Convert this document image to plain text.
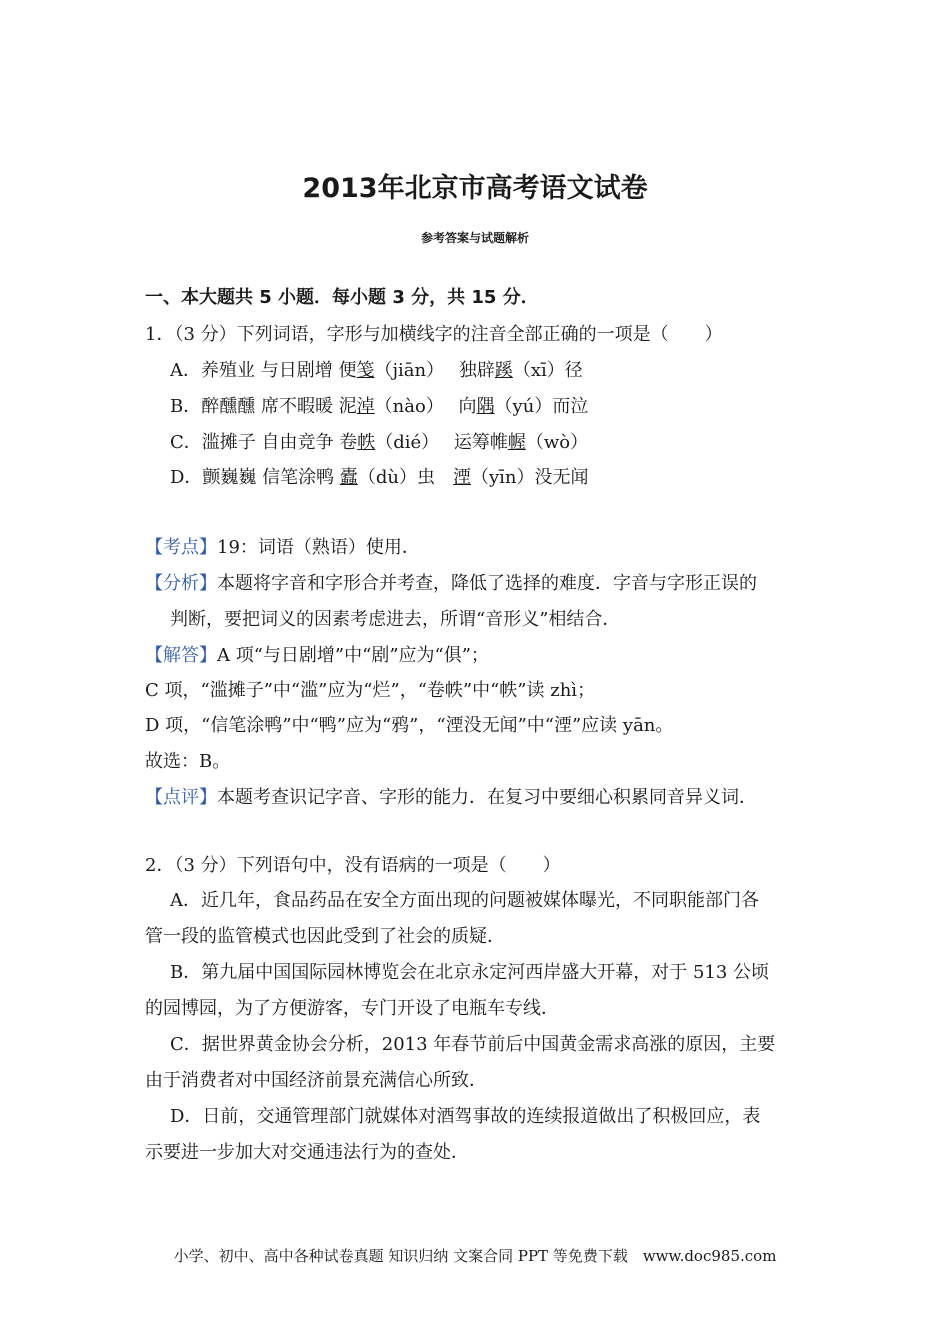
2013年北京市高考语文试卷
参考答案与试题解析
一、本大题共 5 小题．每小题 3 分，共 15 分．
1．（3 分）下列词语，字形与加横线字的注音全部正确的一项是（　　）
A．养殖业 与日剧增 便笺（jiān）　 独辟蹊（xī）径
B．醉醺醺 席不暇暖 泥淖（nào）　 向隅（yú）而泣
C．滥摊子 自由竞争 卷帙（dié）　 运筹帷幄（wò）
D．颤巍巍 信笔涂鸭 蠹（dù）虫　湮（yīn）没无闻
【考点】19：词语（熟语）使用．
【分析】本题将字音和字形合并考查，降低了选择的难度．字音与字形正误的
判断，要把词义的因素考虑进去，所谓“音形义”相结合．
【解答】A 项“与日剧增”中“剧”应为“俱”；
C 项，“滥摊子”中“滥”应为“烂”，“卷帙”中“帙”读 zhì；
D 项，“信笔涂鸭”中“鸭”应为“鸦”，“湮没无闻”中“湮”应读 yān。
故选：B。
【点评】本题考查识记字音、字形的能力．在复习中要细心积累同音异义词．
2．（3 分）下列语句中，没有语病的一项是（　　）
A．近几年，食品药品在安全方面出现的问题被媒体曝光，不同职能部门各
管一段的监管模式也因此受到了社会的质疑．
B．第九届中国国际园林博览会在北京永定河西岸盛大开幕，对于 513 公顷
的园博园，为了方便游客，专门开设了电瓶车专线．
C．据世界黄金协会分析，2013 年春节前后中国黄金需求高涨的原因，主要
由于消费者对中国经济前景充满信心所致．
D．日前，交通管理部门就媒体对酒驾事故的连续报道做出了积极回应，表
示要进一步加大对交通违法行为的查处．
小学、初中、高中各种试卷真题 知识归纳 文案合同 PPT 等免费下载　www.doc985.com
